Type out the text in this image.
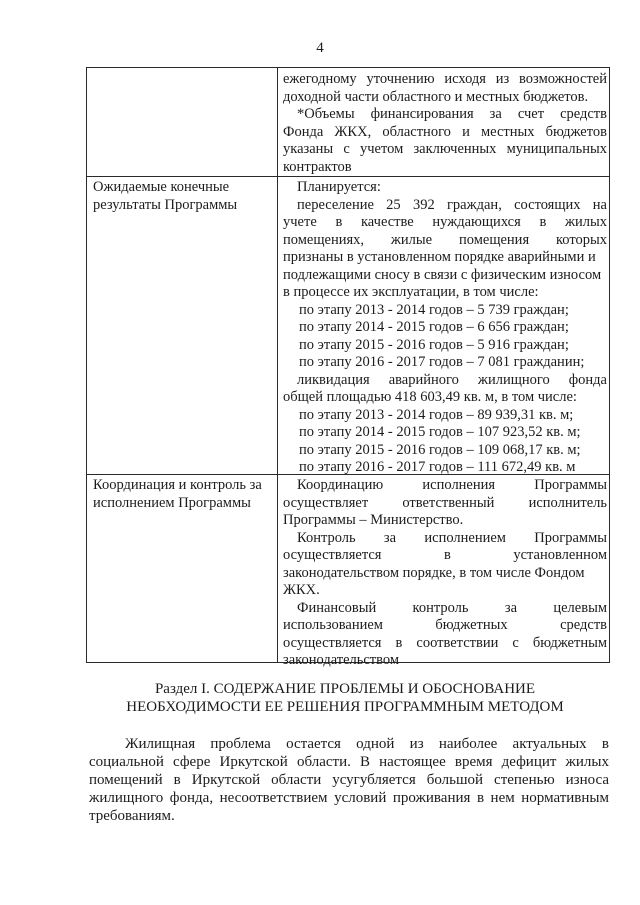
4
ежегодному уточнению исходя из возможностей
доходной части областного и местных бюджетов.
*Объемы финансирования за счет средств
Фонда ЖКХ, областного и местных бюджетов
указаны с учетом заключенных муниципальных
контрактов
Ожидаемые конечные
результаты Программы
Планируется:
переселение 25 392 граждан, состоящих на
учете в качестве нуждающихся в жилых
помещениях, жилые помещения которых
признаны в установленном порядке аварийными и
подлежащими сносу в связи с физическим износом
в процессе их эксплуатации, в том числе:
по этапу 2013 - 2014 годов – 5 739 граждан;
по этапу 2014 - 2015 годов – 6 656 граждан;
по этапу 2015 - 2016 годов – 5 916 граждан;
по этапу 2016 - 2017 годов – 7 081 гражданин;
ликвидация аварийного жилищного фонда
общей площадью 418 603,49 кв. м, в том числе:
по этапу 2013 - 2014 годов – 89 939,31 кв. м;
по этапу 2014 - 2015 годов – 107 923,52 кв. м;
по этапу 2015 - 2016 годов – 109 068,17 кв. м;
по этапу 2016 - 2017 годов – 111 672,49 кв. м
Координация и контроль за
исполнением Программы
Координацию исполнения Программы
осуществляет ответственный исполнитель
Программы – Министерство.
Контроль за исполнением Программы
осуществляется в установленном
законодательством порядке, в том числе Фондом
ЖКХ.
Финансовый контроль за целевым
использованием бюджетных средств
осуществляется в соответствии с бюджетным
законодательством
Раздел I. СОДЕРЖАНИЕ ПРОБЛЕМЫ И ОБОСНОВАНИЕ
НЕОБХОДИМОСТИ ЕЕ РЕШЕНИЯ ПРОГРАММНЫМ МЕТОДОМ
Жилищная проблема остается одной из наиболее актуальных в
социальной сфере Иркутской области. В настоящее время дефицит жилых
помещений в Иркутской области усугубляется большой степенью износа
жилищного фонда, несоответствием условий проживания в нем нормативным
требованиям.
